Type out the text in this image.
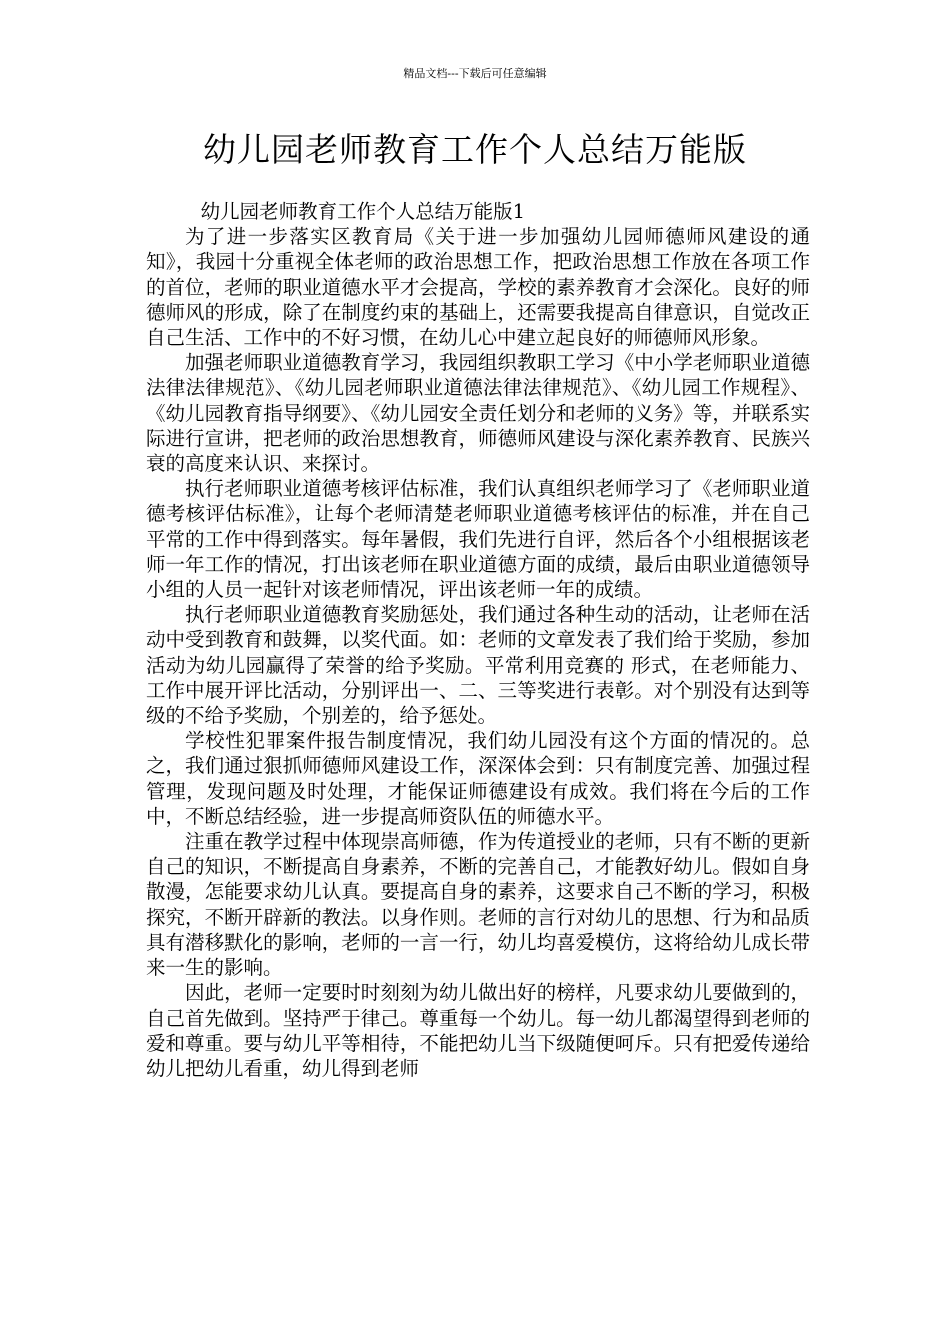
精品文档---下载后可任意编辑
幼儿园老师教育工作个人总结万能版

幼儿园老师教育工作个人总结万能版1

为了进一步落实区教育局《关于进一步加强幼儿园师德师风建设的通知》，我园十分重视全体老师的政治思想工作，把政治思想工作放在各项工作的首位，老师的职业道德水平才会提高，学校的素养教育才会深化。良好的师德师风的形成，除了在制度约束的基础上，还需要我提高自律意识，自觉改正自己生活、工作中的不好习惯，在幼儿心中建立起良好的师德师风形象。

加强老师职业道德教育学习，我园组织教职工学习《中小学老师职业道德法律法律规范》、《幼儿园老师职业道德法律法律规范》、《幼儿园工作规程》、《幼儿园教育指导纲要》、《幼儿园安全责任划分和老师的义务》等，并联系实际进行宣讲，把老师的政治思想教育，师德师风建设与深化素养教育、民族兴衰的高度来认识、来探讨。

执行老师职业道德考核评估标准，我们认真组织老师学习了《老师职业道德考核评估标准》，让每个老师清楚老师职业道德考核评估的标准，并在自己平常的工作中得到落实。每年暑假，我们先进行自评，然后各个小组根据该老师一年工作的情况，打出该老师在职业道德方面的成绩，最后由职业道德领导小组的人员一起针对该老师情况，评出该老师一年的成绩。

执行老师职业道德教育奖励惩处，我们通过各种生动的活动，让老师在活动中受到教育和鼓舞，以奖代面。如：老师的文章发表了我们给于奖励，参加活动为幼儿园赢得了荣誉的给予奖励。平常利用竞赛的 形式，在老师能力、工作中展开评比活动，分别评出一、二、三等奖进行表彰。对个别没有达到等级的不给予奖励，个别差的，给予惩处。

学校性犯罪案件报告制度情况，我们幼儿园没有这个方面的情况的。总之，我们通过狠抓师德师风建设工作，深深体会到：只有制度完善、加强过程管理，发现问题及时处理，才能保证师德建设有成效。我们将在今后的工作中，不断总结经验，进一步提高师资队伍的师德水平。

注重在教学过程中体现崇高师德，作为传道授业的老师，只有不断的更新自己的知识，不断提高自身素养，不断的完善自己，才能教好幼儿。假如自身散漫，怎能要求幼儿认真。要提高自身的素养，这要求自己不断的学习，积极探究，不断开辟新的教法。以身作则。老师的言行对幼儿的思想、行为和品质具有潜移默化的影响，老师的一言一行，幼儿均喜爱模仿，这将给幼儿成长带来一生的影响。

因此，老师一定要时时刻刻为幼儿做出好的榜样，凡要求幼儿要做到的，自己首先做到。坚持严于律己。尊重每一个幼儿。每一幼儿都渴望得到老师的爱和尊重。要与幼儿平等相待，不能把幼儿当下级随便呵斥。只有把爱传递给幼儿把幼儿看重，幼儿得到老师
